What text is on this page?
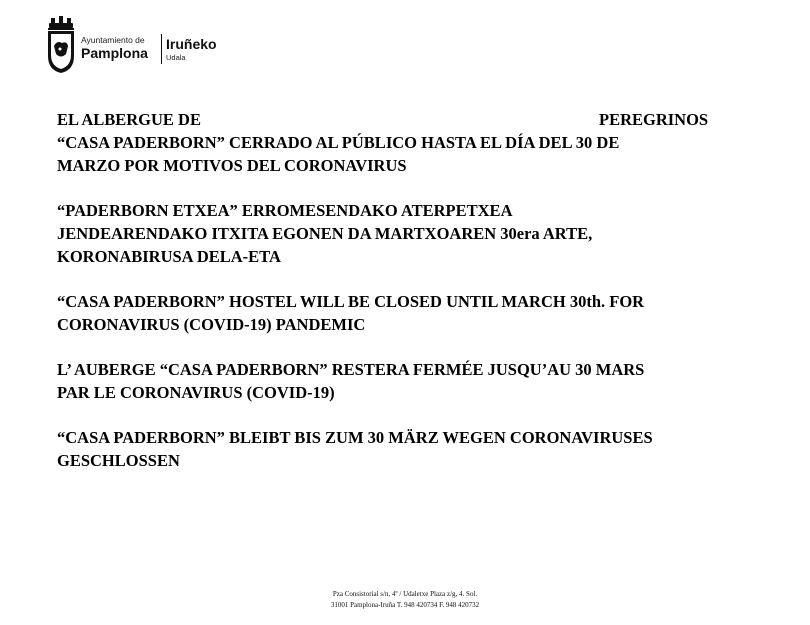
Ayuntamiento de
Pamplona
Iruñeko
Udala
EL ALBERGUE DE	PEREGRINOS
“CASA PADERBORN” CERRADO AL PÚBLICO HASTA EL DÍA DEL 30 DE
MARZO POR MOTIVOS DEL CORONAVIRUS
“PADERBORN ETXEA” ERROMESENDAKO ATERPETXEA
JENDEARENDAKO ITXITA EGONEN DA MARTXOAREN 30era ARTE,
KORONABIRUSA DELA-ETA
“CASA PADERBORN” HOSTEL WILL BE CLOSED UNTIL MARCH 30th. FOR
CORONAVIRUS (COVID-19) PANDEMIC
L’ AUBERGE “CASA PADERBORN” RESTERA FERMÉE JUSQU’AU 30 MARS
PAR LE CORONAVIRUS (COVID-19)
“CASA PADERBORN” BLEIBT BIS ZUM 30 MÄRZ WEGEN CORONAVIRUSES
GESCHLOSSEN
Pza Consistorial s/n, 4º / Udaletxe Plaza z/g, 4. Sol.
31001 Pamplona-Iruña T. 948 420734 F. 948 420732
